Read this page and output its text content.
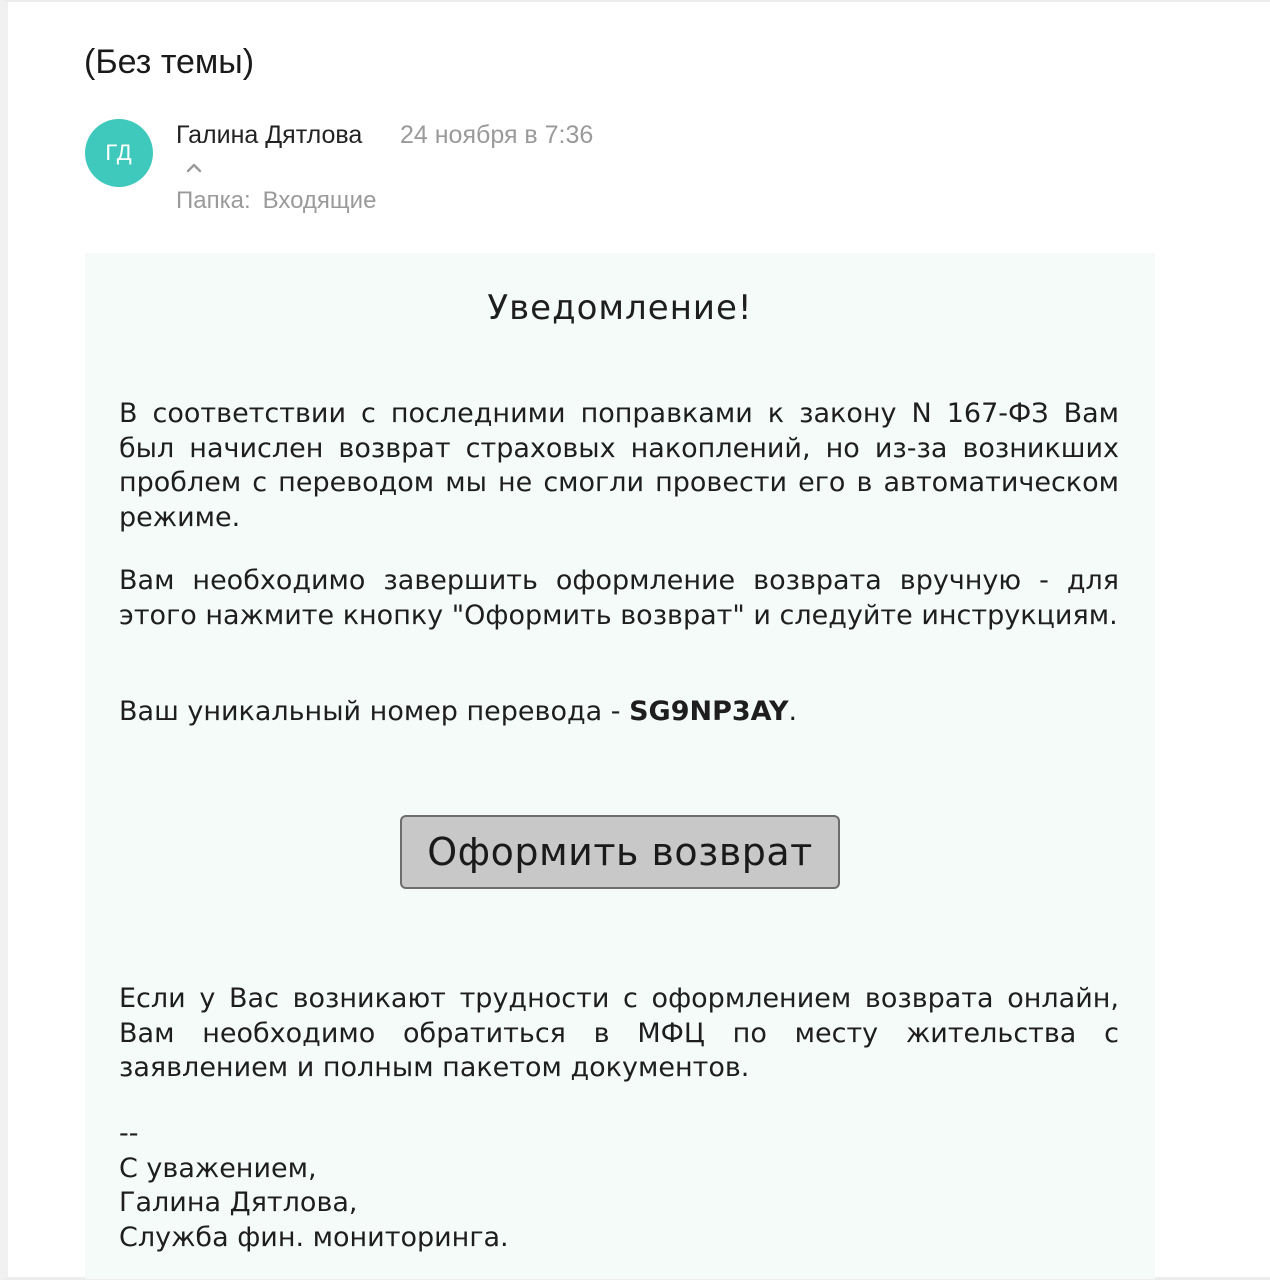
(Без темы)
ГД
Галина Дятлова 24 ноября в 7:36
Папка: Входящие
Уведомление!

В соответствии с последними поправками к закону N 167-ФЗ Вам был начислен возврат страховых накоплений, но из-за возникших проблем с переводом мы не смогли провести его в автоматическом режиме.

Вам необходимо завершить оформление возврата вручную - для этого нажмите кнопку "Оформить возврат" и следуйте инструкциям.

Ваш уникальный номер перевода - SG9NP3AY.

Оформить возврат

Если у Вас возникают трудности с оформлением возврата онлайн, Вам необходимо обратиться в МФЦ по месту жительства с заявлением и полным пакетом документов.

--
С уважением,
Галина Дятлова,
Служба фин. мониторинга.
